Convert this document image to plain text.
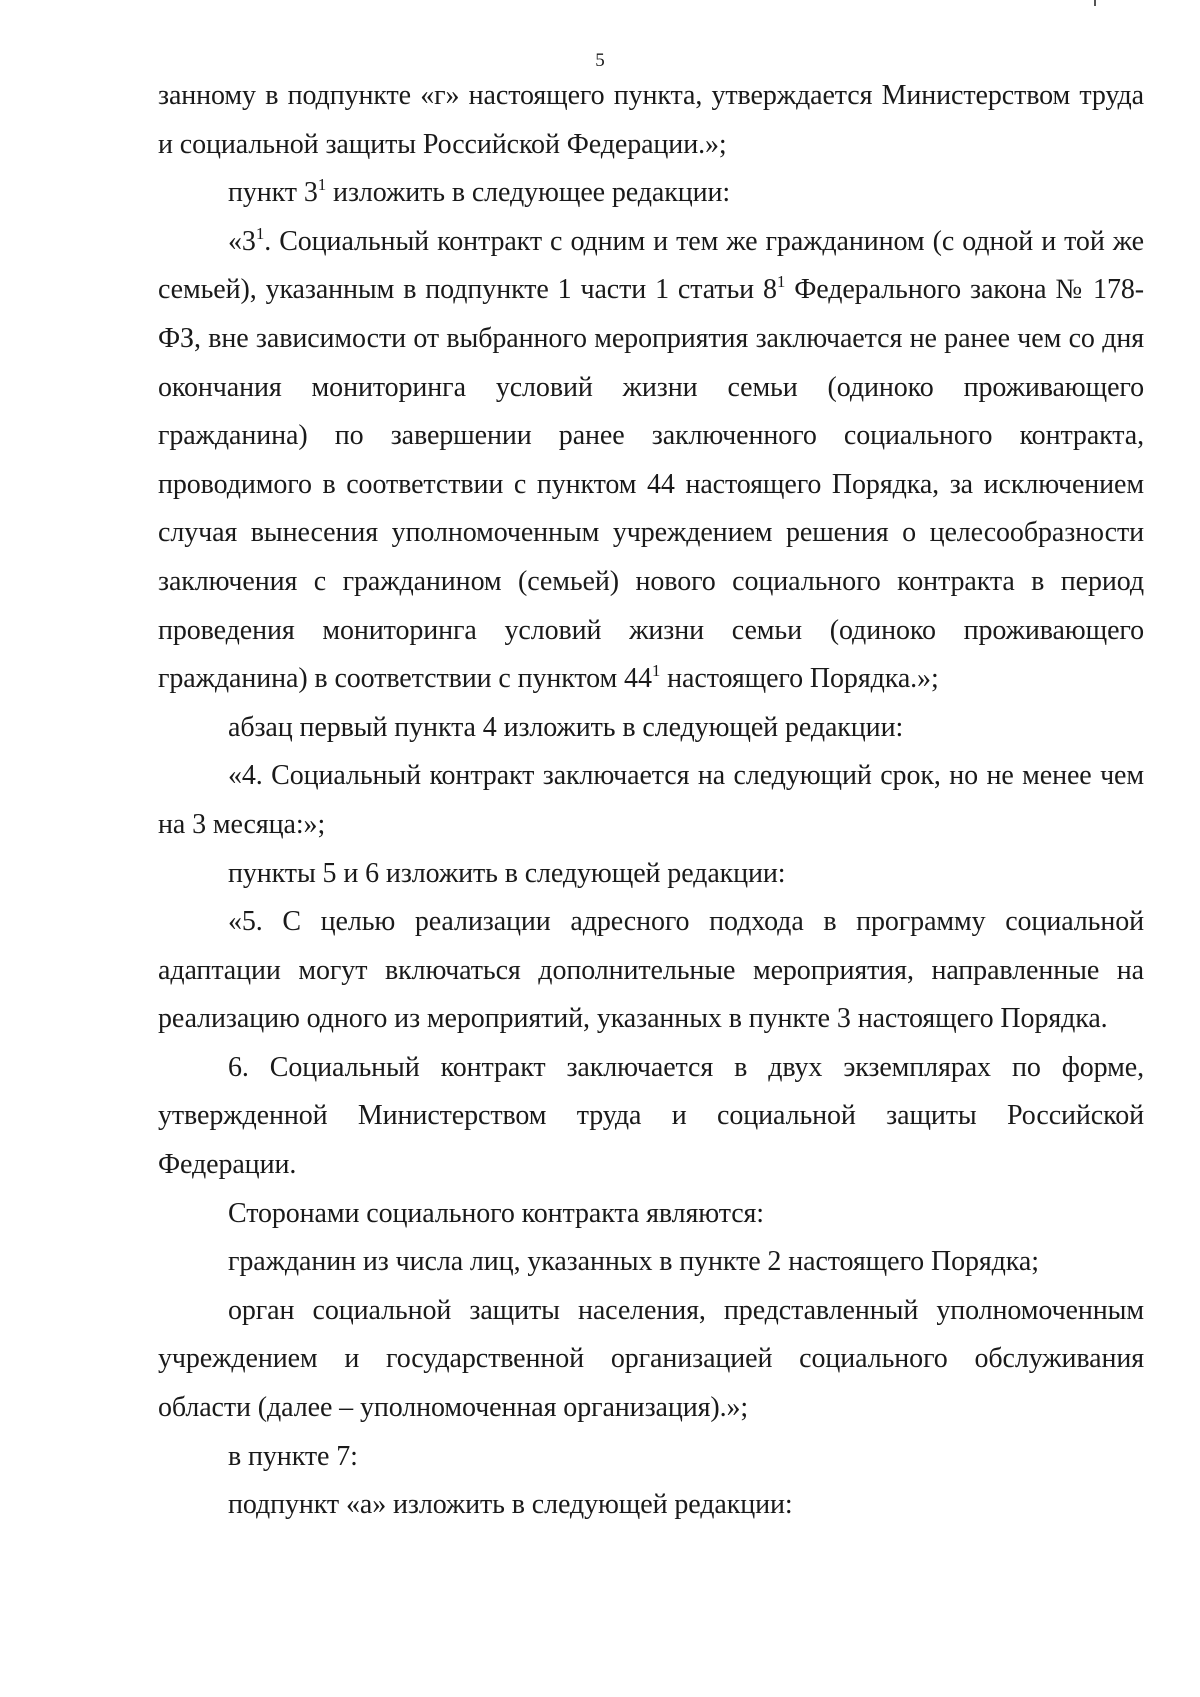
5

занному в подпункте «г» настоящего пункта, утверждается Министерством труда и социальной защиты Российской Федерации.»;

пункт $3^1$ изложить в следующее редакции:

«$3^1$. Социальный контракт с одним и тем же гражданином (с одной и той же семьей), указанным в подпункте 1 части 1 статьи $8^1$ Федерального закона № 178-ФЗ, вне зависимости от выбранного мероприятия заключается не ранее чем со дня окончания мониторинга условий жизни семьи (одиноко проживающего гражданина) по завершении ранее заключенного социального контракта, проводимого в соответствии с пунктом 44 настоящего Порядка, за исключением случая вынесения уполномоченным учреждением решения о целесообразности заключения с гражданином (семьей) нового социального контракта в период проведения мониторинга условий жизни семьи (одиноко проживающего гражданина) в соответствии с пунктом $44^1$ настоящего Порядка.»;

абзац первый пункта 4 изложить в следующей редакции:

«4. Социальный контракт заключается на следующий срок, но не менее чем на 3 месяца:»;

пункты 5 и 6 изложить в следующей редакции:

«5. С целью реализации адресного подхода в программу социальной адаптации могут включаться дополнительные мероприятия, направленные на реализацию одного из мероприятий, указанных в пункте 3 настоящего Порядка.

6. Социальный контракт заключается в двух экземплярах по форме, утвержденной Министерством труда и социальной защиты Российской Федерации.

Сторонами социального контракта являются:

гражданин из числа лиц, указанных в пункте 2 настоящего Порядка;

орган социальной защиты населения, представленный уполномоченным учреждением и государственной организацией социального обслуживания области (далее – уполномоченная организация).»;

в пункте 7:

подпункт «а» изложить в следующей редакции:
